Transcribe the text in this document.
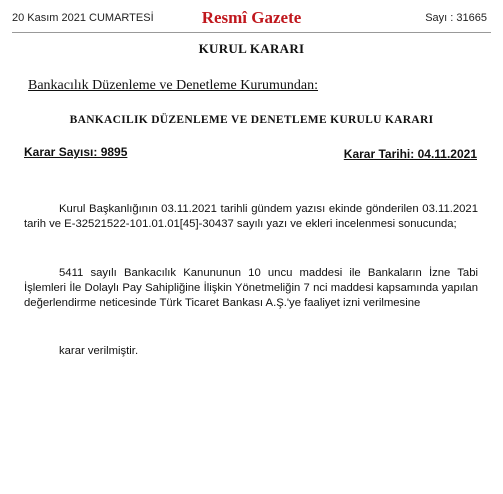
20 Kasım 2021 CUMARTESİ	Resmî Gazete	Sayı : 31665
KURUL KARARI
Bankacılık Düzenleme ve Denetleme Kurumundan:
BANKACILIK DÜZENLEME VE DENETLEME KURULU KARARI
Karar Sayısı: 9895	Karar Tarihi: 04.11.2021

Kurul Başkanlığının 03.11.2021 tarihli gündem yazısı ekinde gönderilen 03.11.2021 tarih ve E-32521522-101.01.01[45]-30437 sayılı yazı ve ekleri incelenmesi sonucunda;

5411 sayılı Bankacılık Kanununun 10 uncu maddesi ile Bankaların İzne Tabi İşlemleri İle Dolaylı Pay Sahipliğine İlişkin Yönetmeliğin 7 nci maddesi kapsamında yapılan değerlendirme neticesinde Türk Ticaret Bankası A.Ş.'ye faaliyet izni verilmesine

karar verilmiştir.
